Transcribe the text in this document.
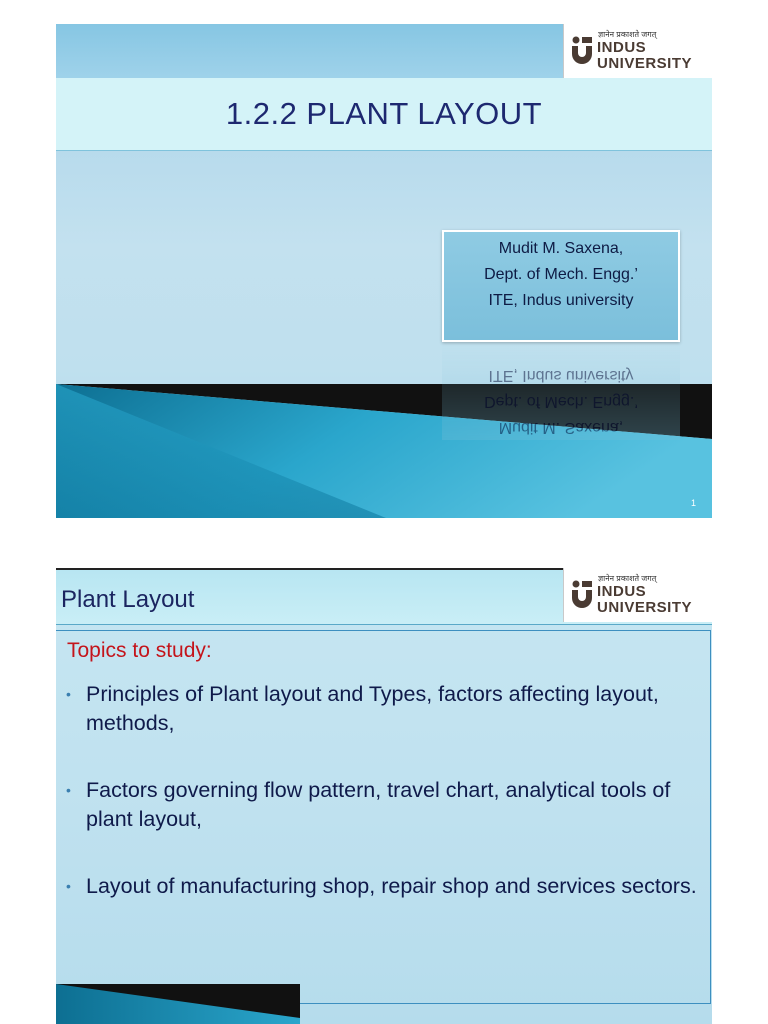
ज्ञानेन प्रकाशते जगत्
INDUS
UNIVERSITY
1.2.2 PLANT LAYOUT
Mudit M. Saxena,
Dept. of Mech. Engg.’
ITE, Indus university
Mudit M. Saxena,
Dept. of Mech. Engg.’
ITE, Indus university
1
Plant Layout
ज्ञानेन प्रकाशते जगत्
INDUS
UNIVERSITY
Topics to study:
• Principles of Plant layout and Types, factors affecting layout, methods,
• Factors governing flow pattern, travel chart, analytical tools of plant layout,
• Layout of manufacturing shop, repair shop and services sectors.
